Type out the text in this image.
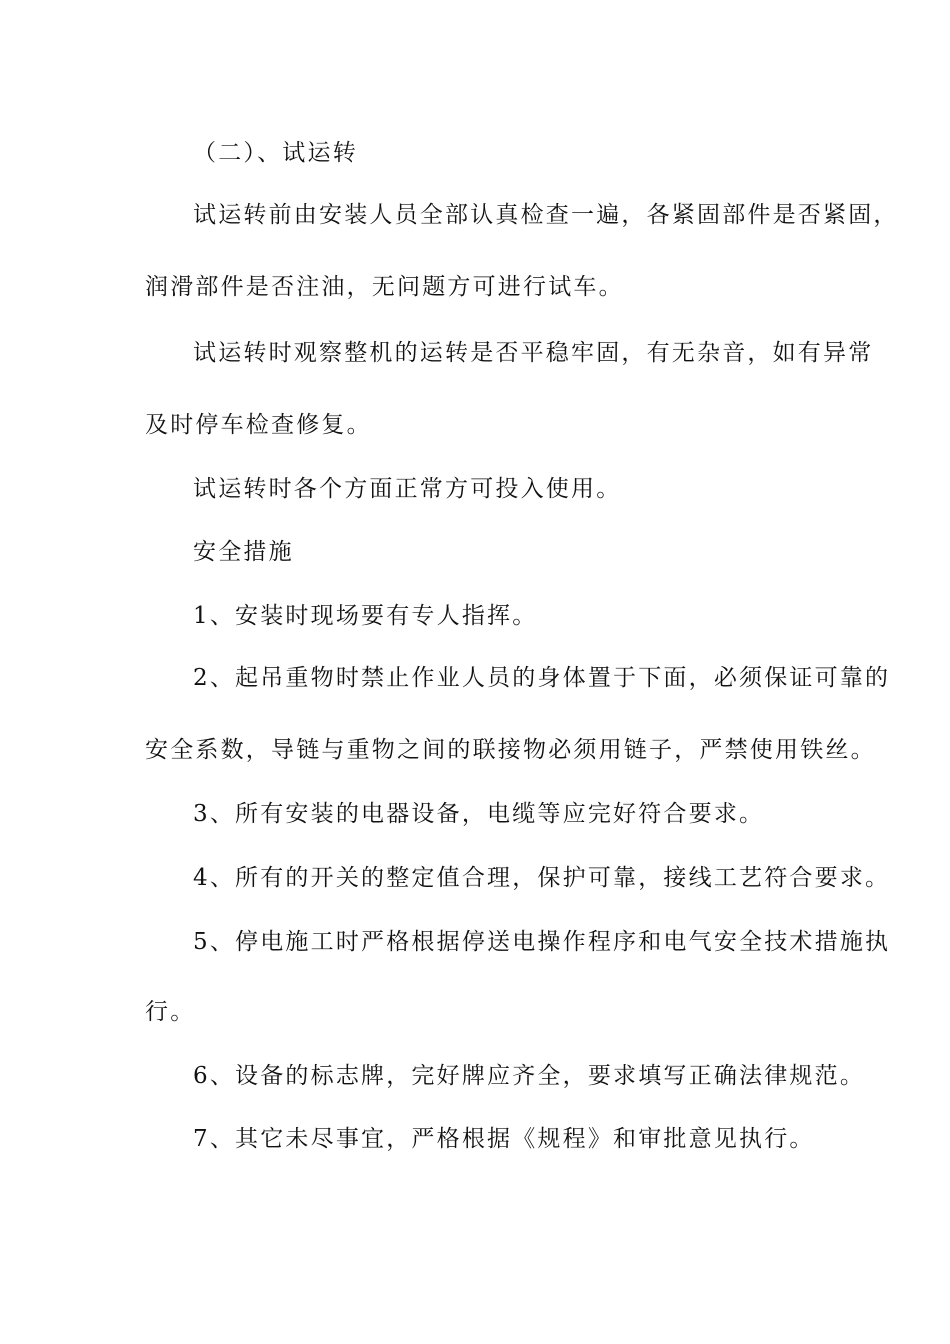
（二）、试运转
试运转前由安装人员全部认真检查一遍，各紧固部件是否紧固，
润滑部件是否注油，无问题方可进行试车。
试运转时观察整机的运转是否平稳牢固，有无杂音，如有异常
及时停车检查修复。
试运转时各个方面正常方可投入使用。
安全措施
1、安装时现场要有专人指挥。
2、起吊重物时禁止作业人员的身体置于下面，必须保证可靠的
安全系数，导链与重物之间的联接物必须用链子，严禁使用铁丝。
3、所有安装的电器设备，电缆等应完好符合要求。
4、所有的开关的整定值合理，保护可靠，接线工艺符合要求。
5、停电施工时严格根据停送电操作程序和电气安全技术措施执
行。
6、设备的标志牌，完好牌应齐全，要求填写正确法律规范。
7、其它未尽事宜，严格根据《规程》和审批意见执行。
